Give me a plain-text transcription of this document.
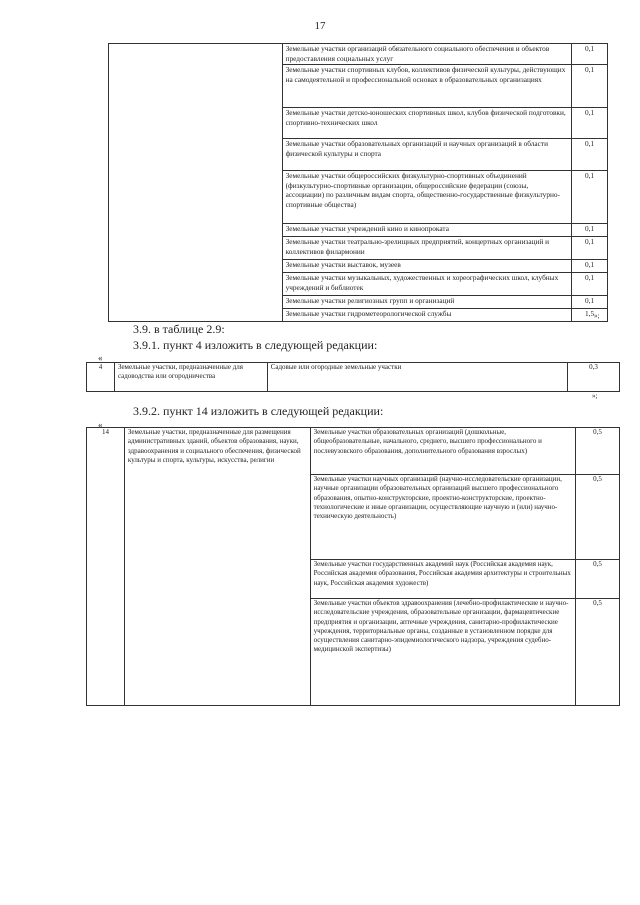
17
	Земельные участки организаций обязательного социального обеспечения и объектов предоставления социальных услуг	0,1
	Земельные участки спортивных клубов, коллективов физической культуры, действующих на самодеятельной и профессиональной основах в образовательных организациях	0,1
	Земельные участки детско-юношеских спортивных школ, клубов физической подготовки, спортивно-технических школ	0,1
	Земельные участки образовательных организаций и научных организаций в области физической культуры и спорта	0,1
	Земельные участки общероссийских физкультурно-спортивных объединений (физкультурно-спортивные организации, общероссийские федерации (союзы, ассоциации) по различным видам спорта, общественно-государственные физкультурно-спортивные общества)	0,1
	Земельные участки учреждений кино и кинопроката	0,1
	Земельные участки театрально-зрелищных предприятий, концертных организаций и коллективов филармонии	0,1
	Земельные участки выставок, музеев	0,1
	Земельные участки музыкальных, художественных и хореографических школ, клубных учреждений и библиотек	0,1
	Земельные участки религиозных групп и организаций	0,1
	Земельные участки гидрометеорологической службы	1,5 »;
3.9. в таблице 2.9:
3.9.1. пункт 4 изложить в следующей редакции:
«
4	Земельные участки, предназначенные для садоводства или огородничества	Садовые или огородные земельные участки	0,3
»;
3.9.2. пункт 14 изложить в следующей редакции:
«
14	Земельные участки, предназначенные для размещения административных зданий, объектов образования, науки, здравоохранения и социального обеспечения, физической культуры и спорта, культуры, искусства, религии	Земельные участки образовательных организаций (дошкольные, общеобразовательные, начального, среднего, высшего профессионального и послевузовского образования, дополнительного образования взрослых)	0,5
		Земельные участки научных организаций (научно-исследовательские организации, научные организации образовательных организаций высшего профессионального образования, опытно-конструкторские, проектно-конструкторские, проектно-технологические и иные организации, осуществляющие научную и (или) научно-техническую деятельность)	0,5
		Земельные участки государственных академий наук (Российская академия наук, Российская академия образования, Российская академия архитектуры и строительных наук, Российская академия художеств)	0,5
		Земельные участки объектов здравоохранения (лечебно-профилактические и научно-исследовательские учреждения, образовательные организации, фармацевтические предприятия и организации, аптечные учреждения, санитарно-профилактические учреждения, территориальные органы, созданные в установленном порядке для осуществления санитарно-эпидемиологического надзора, учреждения судебно-медицинской экспертизы)	0,5
